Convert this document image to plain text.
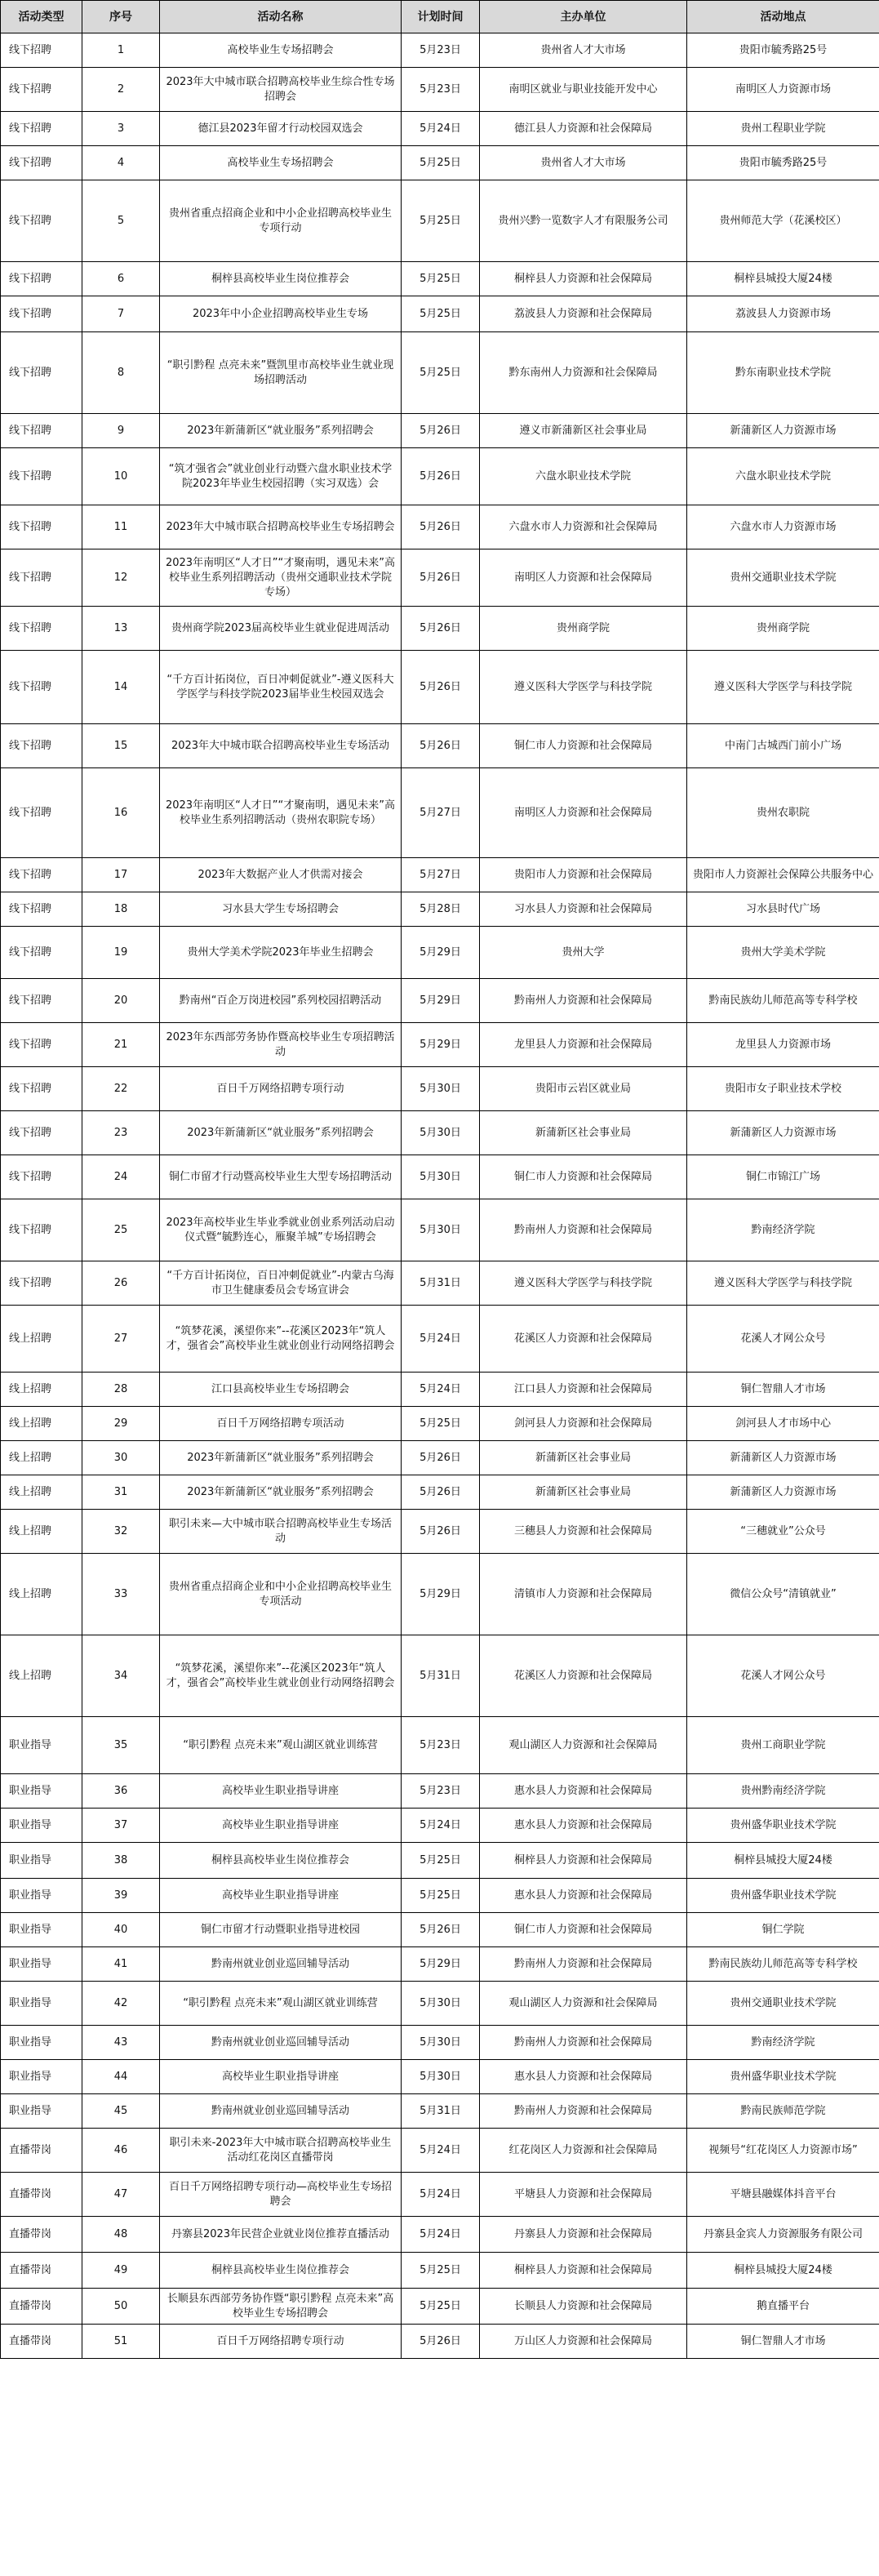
活动类型	序号	活动名称	计划时间	主办单位	活动地点
线下招聘	1	高校毕业生专场招聘会	5月23日	贵州省人才大市场	贵阳市毓秀路25号
线下招聘	2	2023年大中城市联合招聘高校毕业生综合性专场招聘会	5月23日	南明区就业与职业技能开发中心	南明区人力资源市场
线下招聘	3	德江县2023年留才行动校园双选会	5月24日	德江县人力资源和社会保障局	贵州工程职业学院
线下招聘	4	高校毕业生专场招聘会	5月25日	贵州省人才大市场	贵阳市毓秀路25号
线下招聘	5	贵州省重点招商企业和中小企业招聘高校毕业生专项行动	5月25日	贵州兴黔一览数字人才有限服务公司	贵州师范大学（花溪校区）
线下招聘	6	桐梓县高校毕业生岗位推荐会	5月25日	桐梓县人力资源和社会保障局	桐梓县城投大厦24楼
线下招聘	7	2023年中小企业招聘高校毕业生专场	5月25日	荔波县人力资源和社会保障局	荔波县人力资源市场
线下招聘	8	“职引黔程 点亮未来”暨凯里市高校毕业生就业现场招聘活动	5月25日	黔东南州人力资源和社会保障局	黔东南职业技术学院
线下招聘	9	2023年新蒲新区“就业服务”系列招聘会	5月26日	遵义市新蒲新区社会事业局	新蒲新区人力资源市场
线下招聘	10	“筑才强省会”就业创业行动暨六盘水职业技术学院2023年毕业生校园招聘（实习双选）会	5月26日	六盘水职业技术学院	六盘水职业技术学院
线下招聘	11	2023年大中城市联合招聘高校毕业生专场招聘会	5月26日	六盘水市人力资源和社会保障局	六盘水市人力资源市场
线下招聘	12	2023年南明区“人才日”“才聚南明，遇见未来”高校毕业生系列招聘活动（贵州交通职业技术学院专场）	5月26日	南明区人力资源和社会保障局	贵州交通职业技术学院
线下招聘	13	贵州商学院2023届高校毕业生就业促进周活动	5月26日	贵州商学院	贵州商学院
线下招聘	14	“千方百计拓岗位，百日冲刺促就业”-遵义医科大学医学与科技学院2023届毕业生校园双选会	5月26日	遵义医科大学医学与科技学院	遵义医科大学医学与科技学院
线下招聘	15	2023年大中城市联合招聘高校毕业生专场活动	5月26日	铜仁市人力资源和社会保障局	中南门古城西门前小广场
线下招聘	16	2023年南明区“人才日”“才聚南明，遇见未来”高校毕业生系列招聘活动（贵州农职院专场）	5月27日	南明区人力资源和社会保障局	贵州农职院
线下招聘	17	2023年大数据产业人才供需对接会	5月27日	贵阳市人力资源和社会保障局	贵阳市人力资源社会保障公共服务中心
线下招聘	18	习水县大学生专场招聘会	5月28日	习水县人力资源和社会保障局	习水县时代广场
线下招聘	19	贵州大学美术学院2023年毕业生招聘会	5月29日	贵州大学	贵州大学美术学院
线下招聘	20	黔南州“百企万岗进校园”系列校园招聘活动	5月29日	黔南州人力资源和社会保障局	黔南民族幼儿师范高等专科学校
线下招聘	21	2023年东西部劳务协作暨高校毕业生专项招聘活动	5月29日	龙里县人力资源和社会保障局	龙里县人力资源市场
线下招聘	22	百日千万网络招聘专项行动	5月30日	贵阳市云岩区就业局	贵阳市女子职业技术学校
线下招聘	23	2023年新蒲新区“就业服务”系列招聘会	5月30日	新蒲新区社会事业局	新蒲新区人力资源市场
线下招聘	24	铜仁市留才行动暨高校毕业生大型专场招聘活动	5月30日	铜仁市人力资源和社会保障局	铜仁市锦江广场
线下招聘	25	2023年高校毕业生毕业季就业创业系列活动启动仪式暨“毓黔连心，雁聚羊城”专场招聘会	5月30日	黔南州人力资源和社会保障局	黔南经济学院
线下招聘	26	“千方百计拓岗位，百日冲刺促就业”-内蒙古乌海市卫生健康委员会专场宣讲会	5月31日	遵义医科大学医学与科技学院	遵义医科大学医学与科技学院
线上招聘	27	“筑梦花溪，溪望你来”--花溪区2023年“筑人才，强省会”高校毕业生就业创业行动网络招聘会	5月24日	花溪区人力资源和社会保障局	花溪人才网公众号
线上招聘	28	江口县高校毕业生专场招聘会	5月24日	江口县人力资源和社会保障局	铜仁智鼎人才市场
线上招聘	29	百日千万网络招聘专项活动	5月25日	剑河县人力资源和社会保障局	剑河县人才市场中心
线上招聘	30	2023年新蒲新区“就业服务”系列招聘会	5月26日	新蒲新区社会事业局	新蒲新区人力资源市场
线上招聘	31	2023年新蒲新区“就业服务”系列招聘会	5月26日	新蒲新区社会事业局	新蒲新区人力资源市场
线上招聘	32	职引未来—大中城市联合招聘高校毕业生专场活动	5月26日	三穗县人力资源和社会保障局	“三穗就业”公众号
线上招聘	33	贵州省重点招商企业和中小企业招聘高校毕业生专项活动	5月29日	清镇市人力资源和社会保障局	微信公众号“清镇就业”
线上招聘	34	“筑梦花溪，溪望你来”--花溪区2023年“筑人才，强省会”高校毕业生就业创业行动网络招聘会	5月31日	花溪区人力资源和社会保障局	花溪人才网公众号
职业指导	35	“职引黔程 点亮未来”观山湖区就业训练营	5月23日	观山湖区人力资源和社会保障局	贵州工商职业学院
职业指导	36	高校毕业生职业指导讲座	5月23日	惠水县人力资源和社会保障局	贵州黔南经济学院
职业指导	37	高校毕业生职业指导讲座	5月24日	惠水县人力资源和社会保障局	贵州盛华职业技术学院
职业指导	38	桐梓县高校毕业生岗位推荐会	5月25日	桐梓县人力资源和社会保障局	桐梓县城投大厦24楼
职业指导	39	高校毕业生职业指导讲座	5月25日	惠水县人力资源和社会保障局	贵州盛华职业技术学院
职业指导	40	铜仁市留才行动暨职业指导进校园	5月26日	铜仁市人力资源和社会保障局	铜仁学院
职业指导	41	黔南州就业创业巡回辅导活动	5月29日	黔南州人力资源和社会保障局	黔南民族幼儿师范高等专科学校
职业指导	42	“职引黔程 点亮未来”观山湖区就业训练营	5月30日	观山湖区人力资源和社会保障局	贵州交通职业技术学院
职业指导	43	黔南州就业创业巡回辅导活动	5月30日	黔南州人力资源和社会保障局	黔南经济学院
职业指导	44	高校毕业生职业指导讲座	5月30日	惠水县人力资源和社会保障局	贵州盛华职业技术学院
职业指导	45	黔南州就业创业巡回辅导活动	5月31日	黔南州人力资源和社会保障局	黔南民族师范学院
直播带岗	46	职引未来-2023年大中城市联合招聘高校毕业生活动红花岗区直播带岗	5月24日	红花岗区人力资源和社会保障局	视频号“红花岗区人力资源市场”
直播带岗	47	百日千万网络招聘专项行动—高校毕业生专场招聘会	5月24日	平塘县人力资源和社会保障局	平塘县融媒体抖音平台
直播带岗	48	丹寨县2023年民营企业就业岗位推荐直播活动	5月24日	丹寨县人力资源和社会保障局	丹寨县金宾人力资源服务有限公司
直播带岗	49	桐梓县高校毕业生岗位推荐会	5月25日	桐梓县人力资源和社会保障局	桐梓县城投大厦24楼
直播带岗	50	长顺县东西部劳务协作暨“职引黔程 点亮未来”高校毕业生专场招聘会	5月25日	长顺县人力资源和社会保障局	鹅直播平台
直播带岗	51	百日千万网络招聘专项行动	5月26日	万山区人力资源和社会保障局	铜仁智鼎人才市场
